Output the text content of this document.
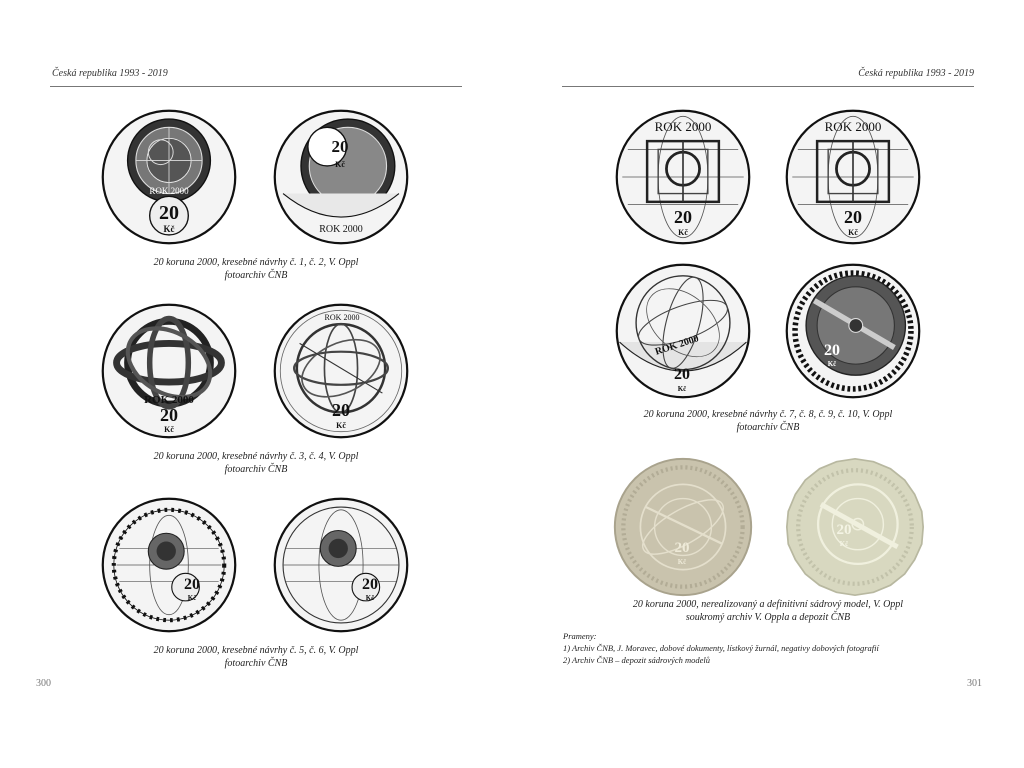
Česká republika 1993 - 2019
ROK 2000
20
Kč
20
Kč
ROK 2000
20 koruna 2000, kresebné návrhy č. 1, č. 2, V. Oppl
fotoarchiv ČNB
ROK 2000
20
Kč
ROK 2000
20
Kč
20 koruna 2000, kresebné návrhy č. 3, č. 4, V. Oppl
fotoarchiv ČNB
20
Kč
20
Kč
20 koruna 2000, kresebné návrhy č. 5, č. 6, V. Oppl
fotoarchiv ČNB
300
Česká republika 1993 - 2019
ROK 2000
20
Kč
ROK 2000
20
Kč
ROK 2000
20
Kč
20
Kč
20 koruna 2000, kresebné návrhy č. 7, č. 8, č. 9, č. 10, V. Oppl
fotoarchiv ČNB
20
Kč
20
Kč
20 koruna 2000, nerealizovaný a definitivní sádrový model, V. Oppl
soukromý archiv V. Oppla a depozit ČNB
Prameny:
1) Archiv ČNB, J. Moravec, dobové dokumenty, lístkový žurnál, negativy dobových fotografií
2) Archiv ČNB – depozit sádrových modelů
301
